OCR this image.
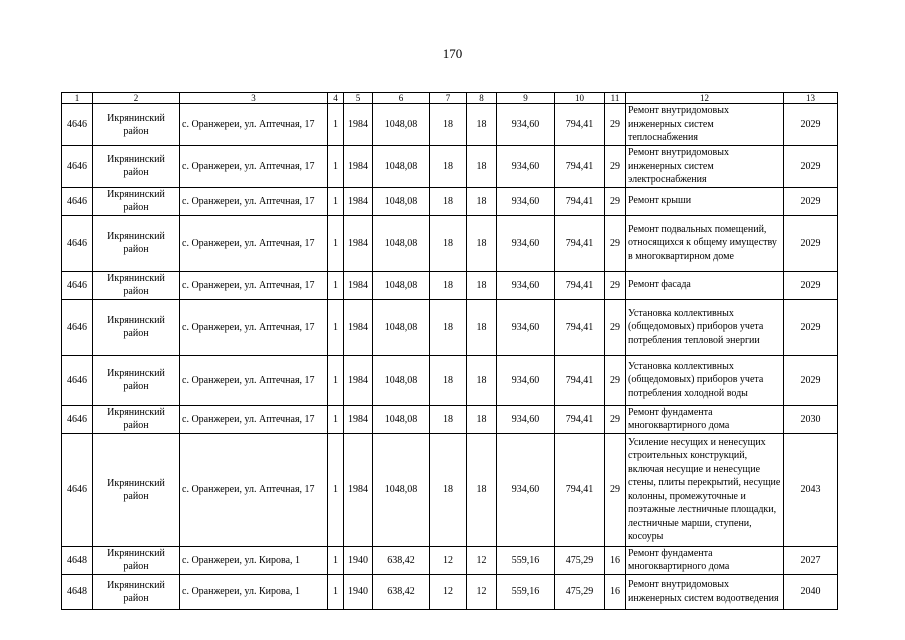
170
1	2	3	4	5	6	7	8	9	10	11	12	13
4646	Икрянинский район	с. Оранжереи, ул. Аптечная, 17	1	1984	1048,08	18	18	934,60	794,41	29	Ремонт внутридомовых инженерных систем теплоснабжения	2029
4646	Икрянинский район	с. Оранжереи, ул. Аптечная, 17	1	1984	1048,08	18	18	934,60	794,41	29	Ремонт внутридомовых инженерных систем электроснабжения	2029
4646	Икрянинский район	с. Оранжереи, ул. Аптечная, 17	1	1984	1048,08	18	18	934,60	794,41	29	Ремонт крыши	2029
4646	Икрянинский район	с. Оранжереи, ул. Аптечная, 17	1	1984	1048,08	18	18	934,60	794,41	29	Ремонт подвальных помещений, относящихся к общему имуществу в многоквартирном доме	2029
4646	Икрянинский район	с. Оранжереи, ул. Аптечная, 17	1	1984	1048,08	18	18	934,60	794,41	29	Ремонт фасада	2029
4646	Икрянинский район	с. Оранжереи, ул. Аптечная, 17	1	1984	1048,08	18	18	934,60	794,41	29	Установка коллективных (общедомовых) приборов учета потребления тепловой энергии	2029
4646	Икрянинский район	с. Оранжереи, ул. Аптечная, 17	1	1984	1048,08	18	18	934,60	794,41	29	Установка коллективных (общедомовых) приборов учета потребления холодной воды	2029
4646	Икрянинский район	с. Оранжереи, ул. Аптечная, 17	1	1984	1048,08	18	18	934,60	794,41	29	Ремонт фундамента многоквартирного дома	2030
4646	Икрянинский район	с. Оранжереи, ул. Аптечная, 17	1	1984	1048,08	18	18	934,60	794,41	29	Усиление несущих и ненесущих строительных конструкций, включая несущие и ненесущие стены, плиты перекрытий, несущие колонны, промежуточные и поэтажные лестничные площадки, лестничные марши, ступени, косоуры	2043
4648	Икрянинский район	с. Оранжереи, ул. Кирова, 1	1	1940	638,42	12	12	559,16	475,29	16	Ремонт фундамента многоквартирного дома	2027
4648	Икрянинский район	с. Оранжереи, ул. Кирова, 1	1	1940	638,42	12	12	559,16	475,29	16	Ремонт внутридомовых инженерных систем водоотведения	2040
